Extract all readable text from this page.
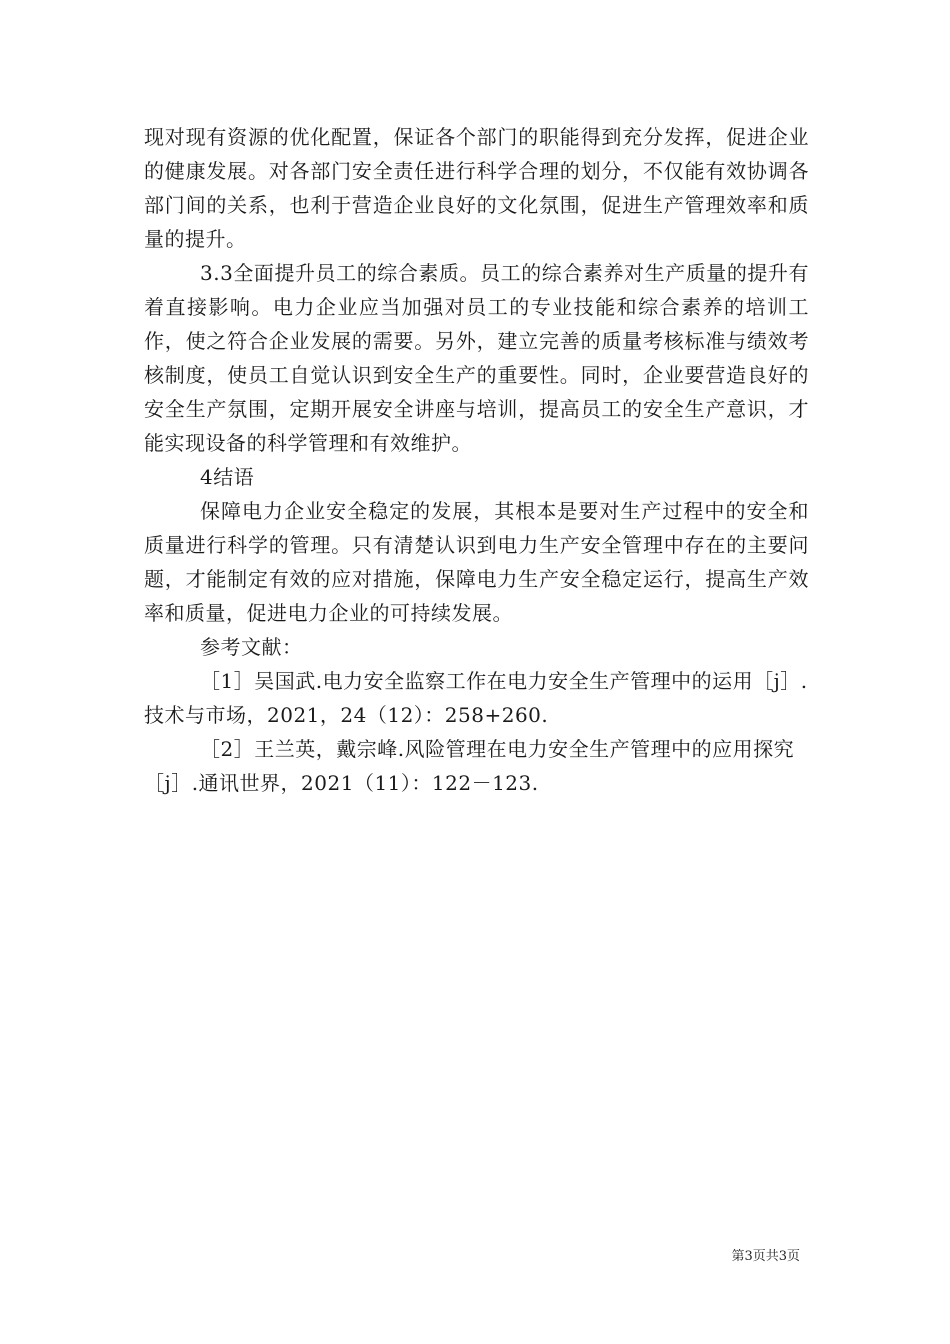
现对现有资源的优化配置，保证各个部门的职能得到充分发挥，促进企业的健康发展。对各部门安全责任进行科学合理的划分，不仅能有效协调各部门间的关系，也利于营造企业良好的文化氛围，促进生产管理效率和质量的提升。

3.3全面提升员工的综合素质。员工的综合素养对生产质量的提升有着直接影响。电力企业应当加强对员工的专业技能和综合素养的培训工作，使之符合企业发展的需要。另外，建立完善的质量考核标准与绩效考核制度，使员工自觉认识到安全生产的重要性。同时，企业要营造良好的安全生产氛围，定期开展安全讲座与培训，提高员工的安全生产意识，才能实现设备的科学管理和有效维护。

4结语

保障电力企业安全稳定的发展，其根本是要对生产过程中的安全和质量进行科学的管理。只有清楚认识到电力生产安全管理中存在的主要问题，才能制定有效的应对措施，保障电力生产安全稳定运行，提高生产效率和质量，促进电力企业的可持续发展。

参考文献：

［1］吴国武.电力安全监察工作在电力安全生产管理中的运用［j］.技术与市场，2021，24（12）：258+260.

［2］王兰英，戴宗峰.风险管理在电力安全生产管理中的应用探究［j］.通讯世界，2021（11）：122－123.

第3页共3页
